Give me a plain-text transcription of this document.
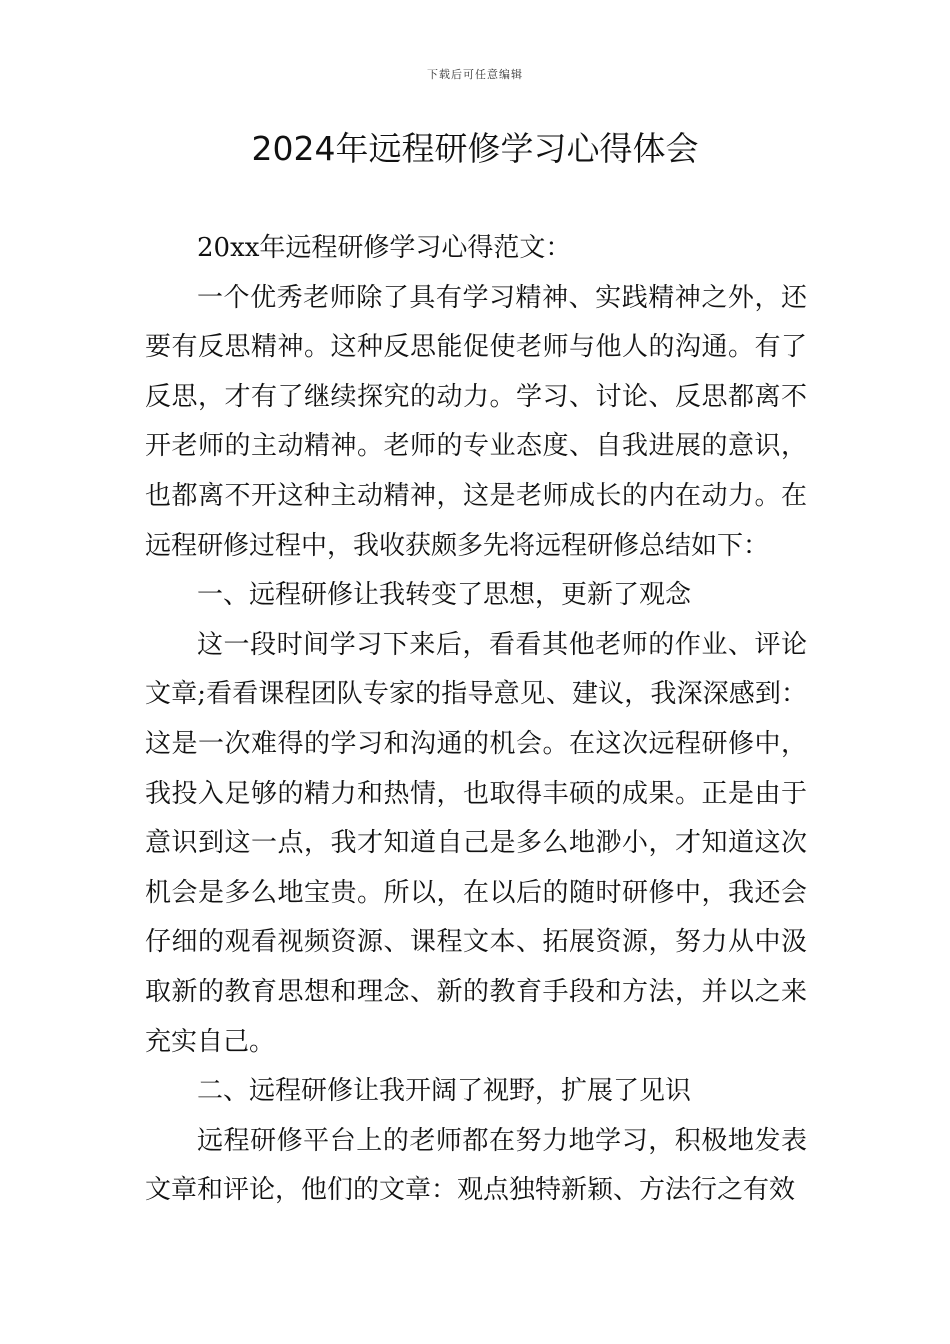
下载后可任意编辑
2024年远程研修学习心得体会

20xx年远程研修学习心得范文：

一个优秀老师除了具有学习精神、实践精神之外，还要有反思精神。这种反思能促使老师与他人的沟通。有了反思，才有了继续探究的动力。学习、讨论、反思都离不开老师的主动精神。老师的专业态度、自我进展的意识，也都离不开这种主动精神，这是老师成长的内在动力。在远程研修过程中，我收获颇多先将远程研修总结如下：

一、远程研修让我转变了思想，更新了观念

这一段时间学习下来后，看看其他老师的作业、评论文章;看看课程团队专家的指导意见、建议，我深深感到：这是一次难得的学习和沟通的机会。在这次远程研修中，我投入足够的精力和热情，也取得丰硕的成果。正是由于意识到这一点，我才知道自己是多么地渺小，才知道这次机会是多么地宝贵。所以，在以后的随时研修中，我还会仔细的观看视频资源、课程文本、拓展资源，努力从中汲取新的教育思想和理念、新的教育手段和方法，并以之来充实自己。

二、远程研修让我开阔了视野，扩展了见识

远程研修平台上的老师都在努力地学习，积极地发表文章和评论，他们的文章：观点独特新颖、方法行之有效
